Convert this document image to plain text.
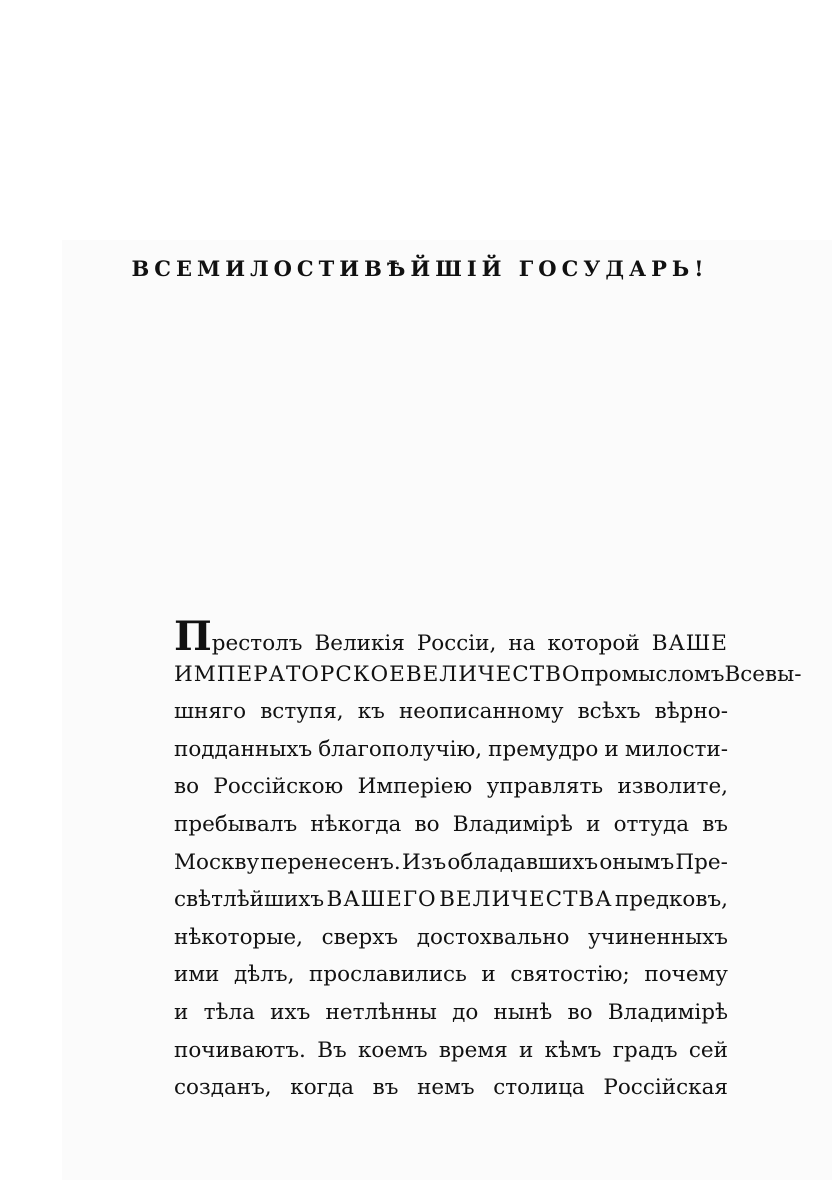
ВСЕМИЛОСТИВѢЙШІЙ ГОСУДАРЬ!
Престолъ Великія Россіи, на которой ВАШЕ
ИМПЕРАТОРСКОЕ ВЕЛИЧЕСТВО промысломъ Всевы-
шняго вступя, къ неописанному всѣхъ вѣрно-
подданныхъ благополучію, премудро и милости-
во Россійскою Имперіею управлять изволите,
пребывалъ нѣкогда во Владимірѣ и оттуда въ
Москву перенесенъ. Изъ обладавшихъ онымъ Пре-
свѣтлѣйшихъ ВАШЕГО ВЕЛИЧЕСТВА предковъ,
нѣкоторые, сверхъ достохвально учиненныхъ
ими дѣлъ, прославились и святостію; почему
и тѣла ихъ нетлѣнны до нынѣ во Владимірѣ
почиваютъ. Въ коемъ время и кѣмъ градъ сей
созданъ, когда въ немъ столица Россійская
